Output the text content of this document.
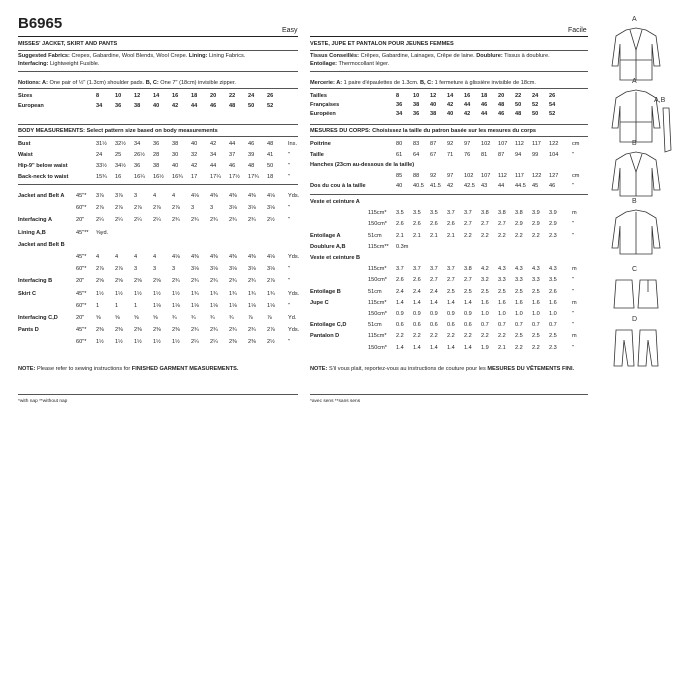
B6965	Easy
MISSES' JACKET, SKIRT AND PANTS
Suggested Fabrics: Crepes, Gabardine, Wool Blends, Wool Crepe. Lining: Lining Fabrics.
Interfacing: Lightweight Fusible.
Notions: A: One pair of ½" (1.3cm) shoulder pads. B, C: One 7" (18cm) invisible zipper.
Sizes	8	10 12 14 16 18 20 22 24 26
European	34 36 38 40 42 44 46 48 50 52
BODY MEASUREMENTS: Select pattern size based on body measurements
Bust	31½ 32½ 34 36 38 40 42 44 46 48	Ins.
Waist	24 25 26½ 28 30 32 34 37 39 41	"
Hip-9" below waist	33½ 34½ 36 38 40 42 44 46 48 50	"
Back-neck to waist	15¾ 16 16¼ 16½ 16¾ 17 17¼ 17½ 17¾ 18	"
Jacket and Belt A 45"* 3⅞ 3⅞ 3	4	4	4⅛ 4⅜ 4⅜ 4⅜ 4⅛ Yds.
60"* 2⅞ 2⅞ 2⅞ 2⅞ 2⅞ 3	3	3⅛ 3⅛ 3⅛ "
Interfacing A	20" 2¼ 2¼ 2¼ 2¼ 2¾ 2¾ 2¾ 2¾ 2¾ 2½ "
Lining A,B	45"** ⅝yd.
Jacket and Belt B
45"* 4	4	4	4	4⅛ 4⅜ 4⅜ 4⅜ 4⅜ 4⅛ Yds.
60"* 2⅞ 2⅞ 3	3	3	3⅛ 3⅛ 3⅛ 3⅛ 3⅛ "
Interfacing B	20" 2⅝ 2⅝ 2⅝ 2⅝ 2¾ 2¾ 2¾ 2¾ 2¾ 2⅞ "
Skirt C	45"* 1½ 1½ 1½ 1½ 1½ 1¾ 1¾ 1¾ 1¾ 1¾ Yds.
60"* 1	1	1	1⅛ 1⅛ 1⅛ 1⅛ 1⅛ 1⅛ 1⅛ "
Interfacing C,D	20" ⅝	⅝	⅝	⅝	¾	¾	¾	¾	⅞	⅞	Yd.
Pants D	45"* 2⅜ 2⅜ 2⅜ 2⅜ 2⅜ 2¾ 2¾ 2¾ 2¾ 2⅞ Yds.
60"* 1½ 1½ 1½ 1½ 1½ 2¼ 2¼ 2⅜ 2⅜ 2½ "
NOTE: Please refer to sewing instructions for FINISHED GARMENT MEASUREMENTS.
*with nap **without nap
Facile
VESTE, JUPE ET PANTALON POUR JEUNES FEMMES
Tissus Conseillés: Crêpes, Gabardine, Lainages, Crêpe de laine. Doublure: Tissus à doublure.
Entoilage: Thermocollant léger.
Mercerie: A: 1 paire d'épaulettes de 1.3cm. B, C: 1 fermeture à glissière invisible de 18cm.
Tailles	8 10 12 14 16 18 20 22 24 26
Françaises	36 38 40 42 44 46 48 50 52 54
Européen	34 36 38 40 42 44 46 48 50 52
MESURES DU CORPS: Choisissez la taille du patron basée sur les mesures du corps
Poitrine	80 83 87 92 97 102 107 112 117 122 cm
Taille	61 64 67 71 76 81 87 94 99 104 "
Hanches (23cm au-dessous de la taille)
85 88 92 97 102 107 112 117 122 127 cm
Dos du cou à la taille	40 40.5 41.5 42 42.5 43 44 44.5 45 46	"
Veste et ceinture A
115cm* 3.5 3.5 3.5 3.7 3.7 3.8 3.8 3.8 3.9 3.9	m
150cm* 2.6 2.6 2.6 2.6 2.7 2.7 2.7 2.9 2.9 2.9	"
Entoilage A	51cm	2.1 2.1 2.1 2.1 2.2 2.2 2.2 2.2 2.2 2.3	"
Doublure A,B	115cm** 0.3m
Veste et ceinture B
115cm* 3.7 3.7 3.7 3.7 3.8 4.2 4.3 4.3 4.3 4.3	m
150cm* 2.6 2.6 2.7 2.7 2.7 3.2 3.3 3.3 3.3 3.5	"
Entoilage B	51cm	2.4 2.4 2.4 2.5 2.5 2.5 2.5 2.5 2.5 2.6	"
Jupe C	115cm* 1.4 1.4 1.4 1.4 1.4 1.6 1.6 1.6 1.6 1.6	m
150cm* 0.9 0.9 0.9 0.9 0.9 1.0 1.0 1.0 1.0 1.0	"
Entoilage C,D	51cm	0.6 0.6 0.6 0.6 0.6 0.7 0.7 0.7 0.7 0.7	"
Pantalon D	115cm* 2.2 2.2 2.2 2.2 2.2 2.2 2.2 2.5 2.5 2.5	m
150cm* 1.4 1.4 1.4 1.4 1.4 1.9 2.1 2.2 2.2 2.3	"
NOTE: S'il vous plait, reportez-vous au instructions de couture pour les MESURES DU VÊTEMENTS FINI.
*avec sens **sans sens
A
A
A,B
B
B
C
D
